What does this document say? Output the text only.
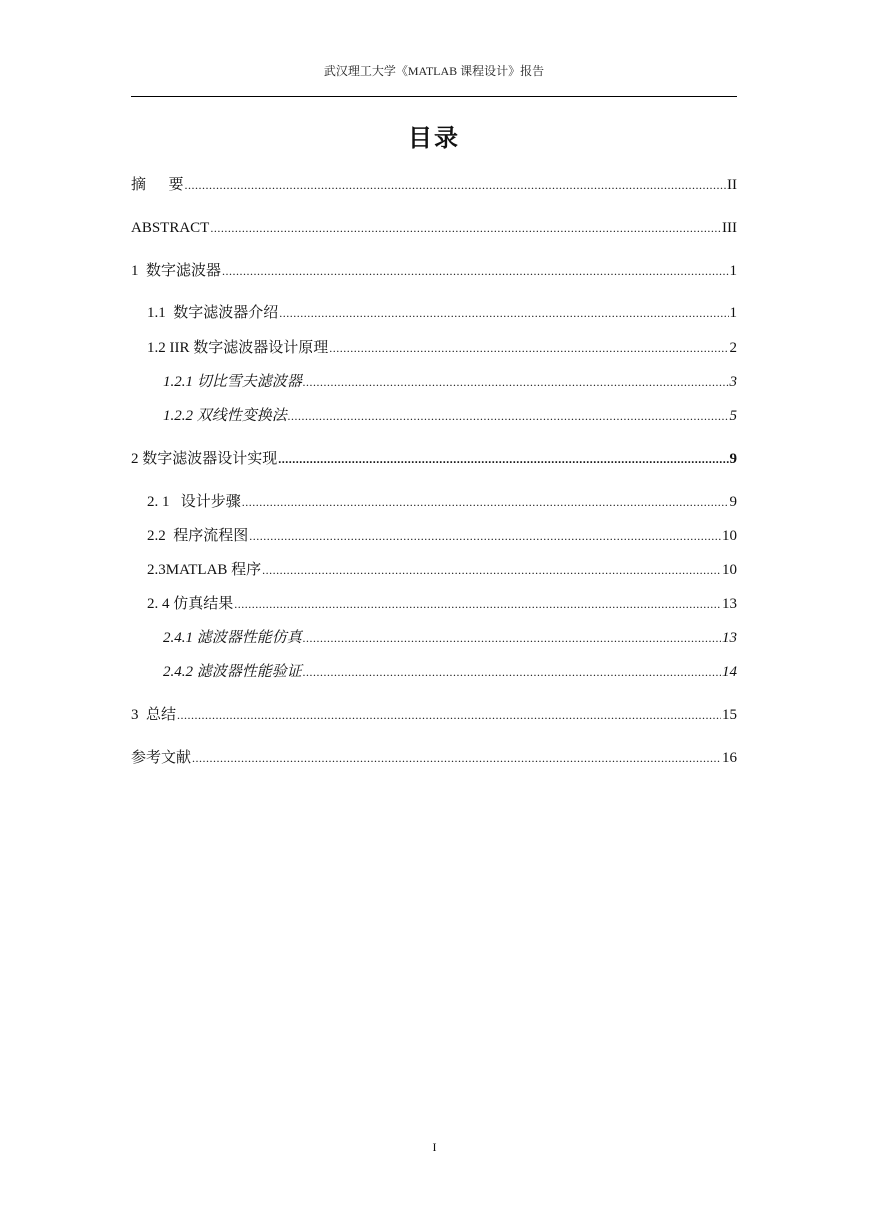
武汉理工大学《MATLAB 课程设计》报告
目录
摘      要 .....	II
ABSTRACT .....	III
1  数字滤波器 .....	1
1.1  数字滤波器介绍 .....	1
1.2 IIR 数字滤波器设计原理 .....	2
1.2.1 切比雪夫滤波器 .....	3
1.2.2 双线性变换法 .....	5
2 数字滤波器设计实现 .....	9
2. 1   设计步骤 .....	9
2.2  程序流程图 .....	10
2.3MATLAB 程序 .....	10
2. 4 仿真结果 .....	13
2.4.1 滤波器性能仿真 .....	13
2.4.2 滤波器性能验证 .....	14
3  总结 .....	15
参考文献 .....	16
I
